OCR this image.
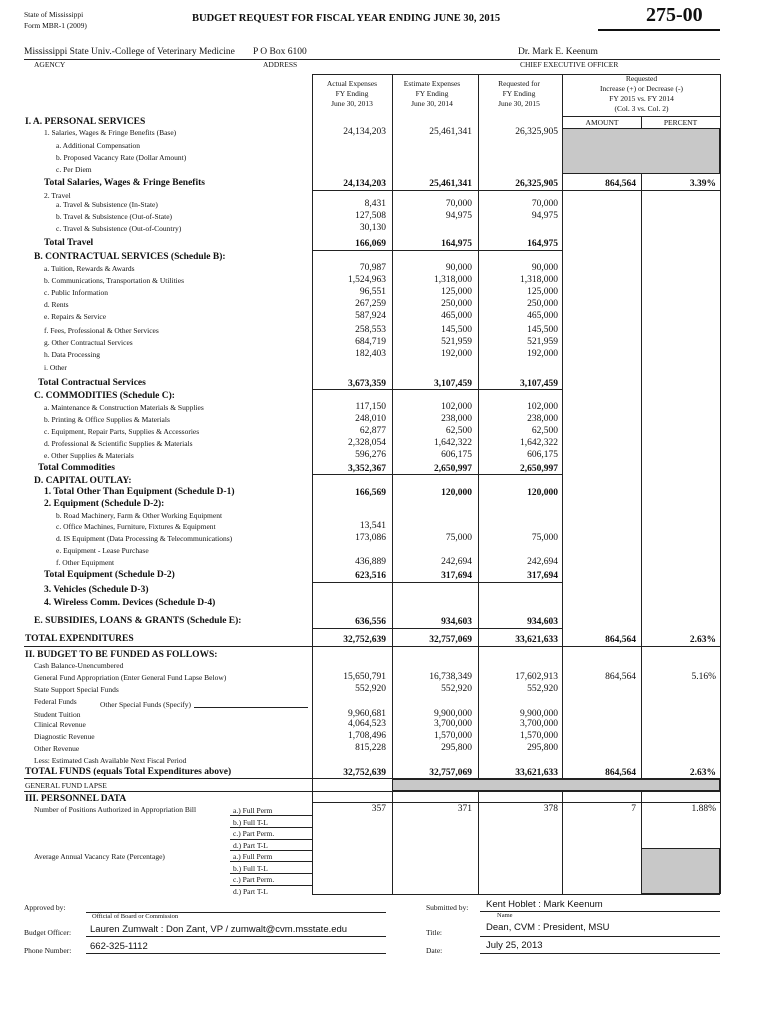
State of Mississippi
Form MBR-1 (2009)
BUDGET REQUEST FOR FISCAL YEAR ENDING JUNE 30, 2015	275-00
Mississippi State Univ.-College of Veterinary Medicine P O Box 6100	Dr. Mark E. Keenum
AGENCY	ADDRESS	CHIEF EXECUTIVE OFFICER
Actual Expenses
FY Ending
June 30, 2013
Estimate Expenses
FY Ending
June 30, 2014
Requested for
FY Ending
June 30, 2015
Requested
Increase (+) or Decrease (-)
FY 2015 vs. FY 2014
(Col. 3 vs. Col. 2)
AMOUNT	PERCENT
I. A. PERSONAL SERVICES
1. Salaries, Wages & Fringe Benefits (Base)	24,134,203	25,461,341	26,325,905
a. Additional Compensation
b. Proposed Vacancy Rate (Dollar Amount)
c. Per Diem
Total Salaries, Wages & Fringe Benefits	24,134,203	25,461,341	26,325,905	864,564	3.39%
2. Travel
a. Travel & Subsistence (In-State)	8,431	70,000	70,000
b. Travel & Subsistence (Out-of-State)	127,508	94,975	94,975
c. Travel & Subsistence (Out-of-Country)	30,130
Total Travel	166,069	164,975	164,975
B. CONTRACTUAL SERVICES (Schedule B):
a. Tuition, Rewards & Awards	70,987	90,000	90,000
b. Communications, Transportation & Utilities	1,524,963	1,318,000	1,318,000
c. Public Information	96,551	125,000	125,000
d. Rents	267,259	250,000	250,000
e. Repairs & Service	587,924	465,000	465,000
f. Fees, Professional & Other Services	258,553	145,500	145,500
g. Other Contractual Services	684,719	521,959	521,959
h. Data Processing	182,403	192,000	192,000
i. Other
Total Contractual Services	3,673,359	3,107,459	3,107,459
C. COMMODITIES (Schedule C):
a. Maintenance & Construction Materials & Supplies	117,150	102,000	102,000
b. Printing & Office Supplies & Materials	248,010	238,000	238,000
c. Equipment, Repair Parts, Supplies & Accessories	62,877	62,500	62,500
d. Professional & Scientific Supplies & Materials	2,328,054	1,642,322	1,642,322
e. Other Supplies & Materials	596,276	606,175	606,175
Total Commodities	3,352,367	2,650,997	2,650,997
D. CAPITAL OUTLAY:
1. Total Other Than Equipment (Schedule D-1)	166,569	120,000	120,000
2. Equipment (Schedule D-2):
b. Road Machinery, Farm & Other Working Equipment
c. Office Machines, Furniture, Fixtures & Equipment	13,541
d. IS Equipment (Data Processing & Telecommunications)	173,086	75,000	75,000
e. Equipment - Lease Purchase
f. Other Equipment	436,889	242,694	242,694
Total Equipment (Schedule D-2)	623,516	317,694	317,694
3. Vehicles (Schedule D-3)
4. Wireless Comm. Devices (Schedule D-4)
E. SUBSIDIES, LOANS & GRANTS (Schedule E):	636,556	934,603	934,603
TOTAL EXPENDITURES	32,752,639	32,757,069	33,621,633	864,564	2.63%
II. BUDGET TO BE FUNDED AS FOLLOWS:
Cash Balance-Unencumbered
General Fund Appropriation (Enter General Fund Lapse Below)	15,650,791	16,738,349	17,602,913	864,564	5.16%
State Support Special Funds	552,920	552,920	552,920
Federal Funds
Student Tuition	9,960,681	9,900,000	9,900,000
Clinical Revenue	4,064,523	3,700,000	3,700,000
Diagnostic Revenue	1,708,496	1,570,000	1,570,000
Other Revenue	815,228	295,800	295,800
Less: Estimated Cash Available Next Fiscal Period
TOTAL FUNDS (equals Total Expenditures above)	32,752,639	32,757,069	33,621,633	864,564	2.63%
GENERAL FUND LAPSE
III. PERSONNEL DATA
Other Special Funds (Specify)
Number of Positions Authorized in Appropriation Bill
Average Annual Vacancy Rate (Percentage)
a.) Full Perm
b.) Full T-L
c.) Part Perm.
d.) Part T-L
a.) Full Perm
b.) Full T-L
c.) Part Perm.
d.) Part T-L
357	371	378	7	1.88%
Approved by:
Official of Board or Commission
Budget Officer: Lauren Zumwalt : Don Zant, VP / zumwalt@cvm.msstate.edu
Phone Number: 662-325-1112
Submitted by: Kent Hoblet : Mark Keenum
Name
Title:	Dean, CVM : President, MSU
Date:	July 25, 2013
